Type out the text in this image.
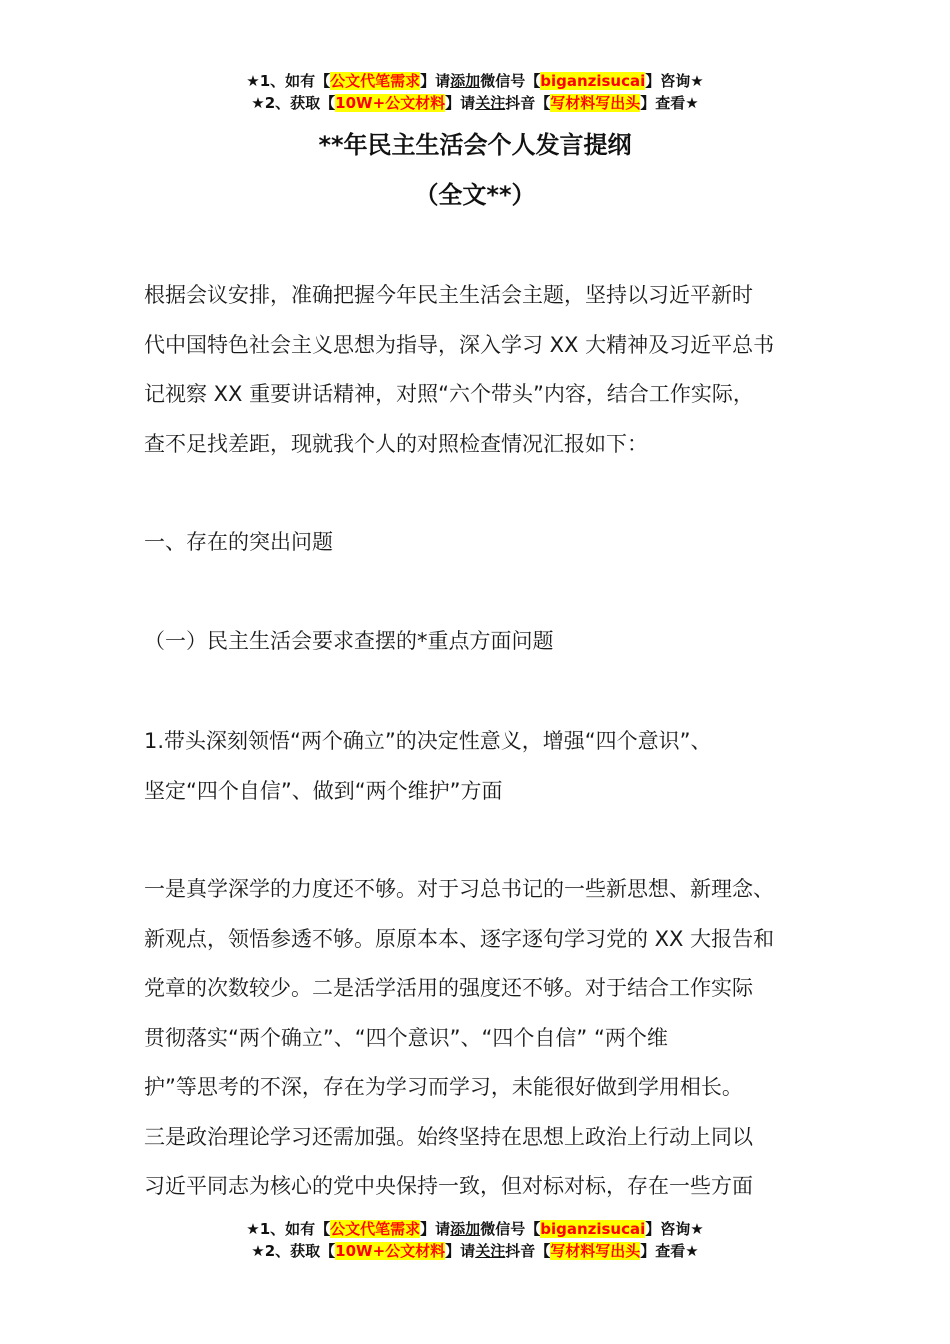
★1、如有【公文代笔需求】请添加微信号【biganzisucai】咨询★
★2、获取【10W+公文材料】请关注抖音【写材料写出头】查看★
**年民主生活会个人发言提纲
（全文**）
根据会议安排，准确把握今年民主生活会主题，坚持以习近平新时
代中国特色社会主义思想为指导，深入学习 XX 大精神及习近平总书
记视察 XX 重要讲话精神，对照“六个带头”内容，结合工作实际，
查不足找差距，现就我个人的对照检查情况汇报如下：
一、存在的突出问题
（一）民主生活会要求查摆的*重点方面问题
1.带头深刻领悟“两个确立”的决定性意义，增强“四个意识”、
坚定“四个自信”、做到“两个维护”方面
一是真学深学的力度还不够。对于习总书记的一些新思想、新理念、
新观点，领悟参透不够。原原本本、逐字逐句学习党的 XX 大报告和
党章的次数较少。二是活学活用的强度还不够。对于结合工作实际
贯彻落实“两个确立”、“四个意识”、“四个自信” “两个维
护”等思考的不深，存在为学习而学习，未能很好做到学用相长。
三是政治理论学习还需加强。始终坚持在思想上政治上行动上同以
习近平同志为核心的党中央保持一致，但对标对标，存在一些方面
★1、如有【公文代笔需求】请添加微信号【biganzisucai】咨询★
★2、获取【10W+公文材料】请关注抖音【写材料写出头】查看★
